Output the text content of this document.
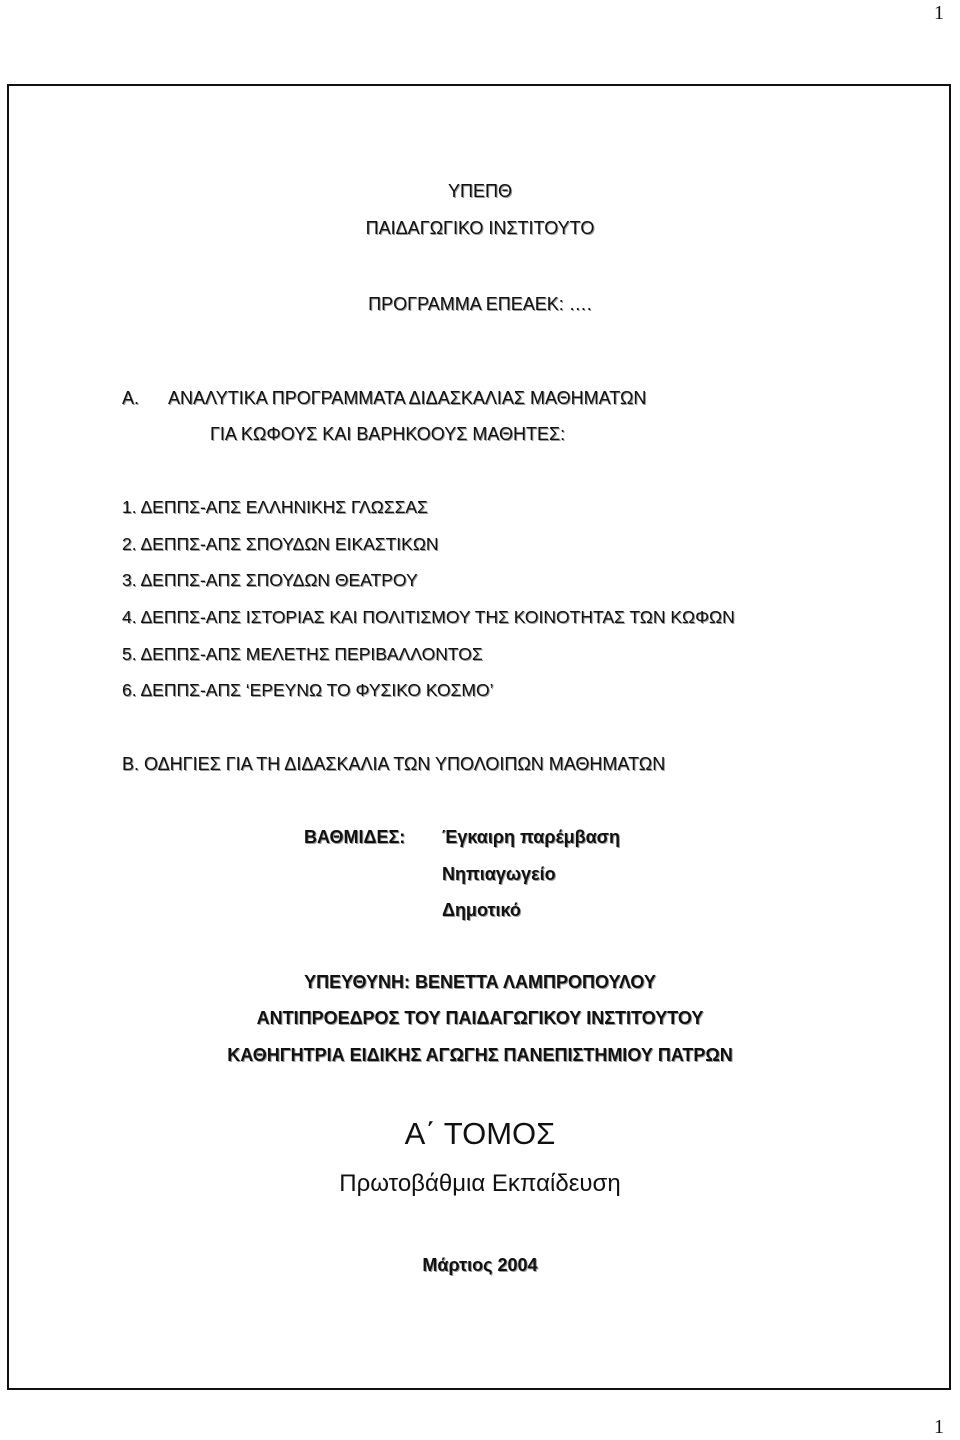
1
ΥΠΕΠΘ
ΠΑΙΔΑΓΩΓΙΚΟ ΙΝΣΤΙΤΟΥΤΟ
ΠΡΟΓΡΑΜΜΑ ΕΠΕΑΕΚ: ….
Α. ΑΝΑΛΥΤΙΚΑ ΠΡΟΓΡΑΜΜΑΤΑ ΔΙΔΑΣΚΑΛΙΑΣ ΜΑΘΗΜΑΤΩΝ
ΓΙΑ ΚΩΦΟΥΣ ΚΑΙ ΒΑΡΗΚΟΟΥΣ ΜΑΘΗΤΕΣ:
1. ΔΕΠΠΣ-ΑΠΣ ΕΛΛΗΝΙΚΗΣ ΓΛΩΣΣΑΣ
2. ΔΕΠΠΣ-ΑΠΣ ΣΠΟΥΔΩΝ ΕΙΚΑΣΤΙΚΩΝ
3. ΔΕΠΠΣ-ΑΠΣ ΣΠΟΥΔΩΝ ΘΕΑΤΡΟΥ
4. ΔΕΠΠΣ-ΑΠΣ ΙΣΤΟΡΙΑΣ ΚΑΙ ΠΟΛΙΤΙΣΜΟΥ ΤΗΣ ΚΟΙΝΟΤΗΤΑΣ ΤΩΝ ΚΩΦΩΝ
5. ΔΕΠΠΣ-ΑΠΣ ΜΕΛΕΤΗΣ ΠΕΡΙΒΑΛΛΟΝΤΟΣ
6. ΔΕΠΠΣ-ΑΠΣ ‘ΕΡΕΥΝΩ ΤΟ ΦΥΣΙΚΟ ΚΟΣΜΟ’
Β. ΟΔΗΓΙΕΣ ΓΙΑ ΤΗ ΔΙΔΑΣΚΑΛΙΑ ΤΩΝ ΥΠΟΛΟΙΠΩΝ ΜΑΘΗΜΑΤΩΝ
ΒΑΘΜΙΔΕΣ: Έγκαιρη παρέμβαση
Νηπιαγωγείο
Δημοτικό
ΥΠΕΥΘΥΝΗ: ΒΕΝΕΤΤΑ ΛΑΜΠΡΟΠΟΥΛΟΥ
ΑΝΤΙΠΡΟΕΔΡΟΣ ΤΟΥ ΠΑΙΔΑΓΩΓΙΚΟΥ ΙΝΣΤΙΤΟΥΤΟΥ
ΚΑΘΗΓΗΤΡΙΑ ΕΙΔΙΚΗΣ ΑΓΩΓΗΣ ΠΑΝΕΠΙΣΤΗΜΙΟΥ ΠΑΤΡΩΝ
Α΄ ΤΟΜΟΣ
Πρωτοβάθμια Εκπαίδευση
Μάρτιος 2004
1
